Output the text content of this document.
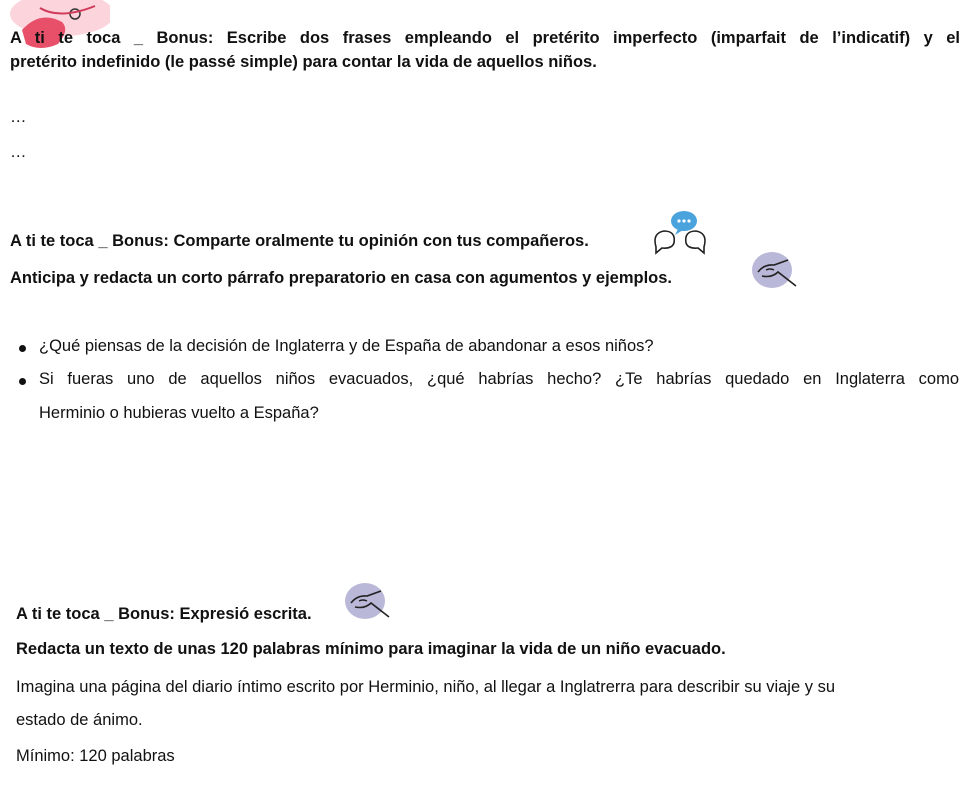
A ti te toca _ Bonus: Escribe dos frases empleando el pretérito imperfecto (imparfait de l’indicatif) y el
pretérito indefinido (le passé simple) para contar la vida de aquellos niños.
…
…
A ti te toca _ Bonus: Comparte oralmente tu opinión con tus compañeros.
Anticipa y redacta un corto párrafo preparatorio en casa con agumentos y ejemplos.
¿Qué piensas de la decisión de Inglaterra y de España de abandonar a esos niños?
Si fueras uno de aquellos niños evacuados, ¿qué habrías hecho? ¿Te habrías quedado en Inglaterra como
Herminio o hubieras vuelto a España?
A ti te toca _ Bonus: Expresió escrita.
Redacta un texto de unas 120 palabras mínimo para imaginar la vida de un niño evacuado.
Imagina una página del diario íntimo escrito por Herminio, niño, al llegar a Inglatrerra para describir su viaje y su
estado de ánimo.
Mínimo: 120 palabras
